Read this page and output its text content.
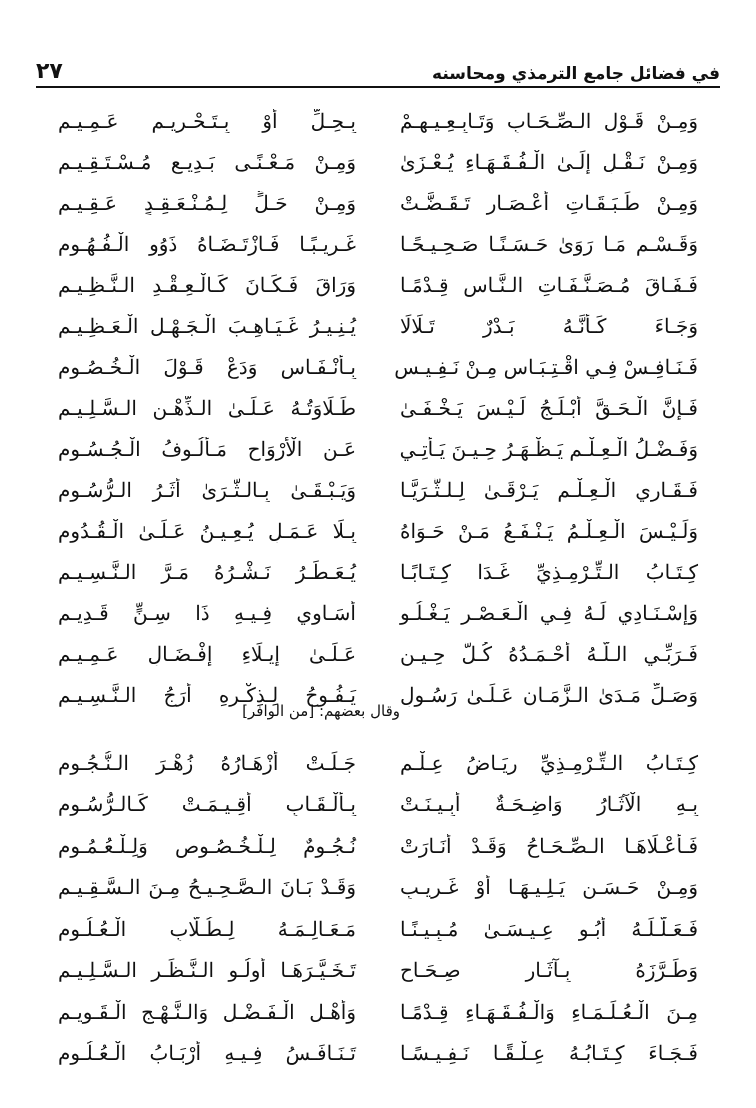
في فضائل جامع الترمذي ومحاسنه
٢٧
وَمِـنْ قَـوْلِ الـصِّـحَـابِ وَتَـابِـعِـيـهِـمْ
بِـحِـلِّ أَوْ بِـتَـحْـرِيـمٍ عَـمِـيـمِ
وَمِـنْ نَـقْـلٍ إِلَـىٰ الْـفُـقَـهَـاءِ يُـعْـزَىٰ
وَمِـنْ مَـعْـنًـى بَـدِيـعٍ مُـسْـتَـقِـيـمِ
وَمِـنْ طَـبَـقَـاتِ أَعْـصَـارٍ تَـقَـضَّـتْ
وَمِـنْ حَـلٍّ لِـمُـنْـعَـقِـدٍ عَـقِـيـمِ
وَقَـسْـمٍ مَـا رَوَىٰ حَـسَـنًـا صَـحِـيـحًـا
غَـرِيـبًـا فَـازْتَـضَـاهُ ذَوُو الْـفُـهُـومِ
فَـفَـاقَ مُـصَـنَّـفَـاتِ الـنَّـاسِ قِـدْمًـا
وَرَاقَ فَـكَـانَ كَـالْـعِـقْـدِ الـنَّـظِـيـمِ
وَجَـاءَ كَـأَنَّـهُ بَـدْرٌ تَـلَالَا
يُـنِـيـرُ غَـيَـاهِـبَ الْـجَـهْـلِ الْـعَـظِـيـمِ
فَـنَـافِـسْ فِـي اقْـتِـبَـاسٍ مِـنْ نَـفِـيـسٍ
بِـأَنْـفَـاسٍ وَدَعْ قَـوْلَ الْـخُـصُـومِ
فَـإِنَّ الْـحَـقَّ أَبْـلَـجُ لَـيْـسَ يَـخْـفَـىٰ
طَـلَاوَتُـهُ عَـلَـىٰ الـذِّهْـنِ الـسَّـلِـيـمِ
وَفَـضْـلُ الْـعِـلْـمِ يَـظْـهَـرُ حِـيـنَ يَـأْتِـي
عَـنِ الْأَرْوَاحِ مَـأْلُـوفُ الْـجُـسُـومِ
فَـقَـارِي الْـعِـلْـمِ يَـرْقَـىٰ لِـلـثُّـرَيَّـا
وَيَـبْـقَـىٰ بِـالـثَّـرَىٰ أَثَـرُ الـرُّسُـومِ
وَلَـيْـسَ الْـعِـلْـمُ يَـنْـفَـعُ مَـنْ حَـوَاهُ
بِـلَا عَـمَـلٍ يُـعِـيـنُ عَـلَـىٰ الْـقُـدُومِ
كِـتَـابُ الـتِّـرْمِـذِيِّ غَـدَا كِـتَـابًـا
يُـعَـطِّـرُ نَـشْـرُهُ مَـرَّ الـنَّـسِـيـمِ
وَإِسْـنَـادِي لَـهُ فِـي الْـعَـصْـرِ يَـغْـلُـو
أُسَـاوِي فِـيـهِ ذَا سِـنٍّ قَـدِيـمِ
فَـرَبِّـي الـلَّـهُ أَحْـمَـدُهُ كُـلَّ حِـيـنٍ
عَـلَـىٰ إِيـلَاءِ إِفْـضَـالٍ عَـمِـيـمِ
وَصَـلِّ مَـدَىٰ الـزَّمَـانِ عَـلَـىٰ رَسُـولٍ
يَـفُـوحُ لِـذِكْـرِهِ أَرَجُ الـنَّـسِـيـمِ
وقال بعضهم: [من الوافر]
كِـتَـابُ الـتِّـرْمِـذِيِّ رِيَـاضُ عِـلْـمٍ
جَـلَـتْ أَزْهَـارُهُ زُهْـرَ الـنُّـجُـومِ
بِـهِ الْآثَـارُ وَاضِـحَـةٌ أَبِـيـنَـتْ
بِـأَلْـقَـابٍ أُقِـيـمَـتْ كَـالـرُّسُـومِ
فَـأَعْـلَاهَـا الـصِّـحَـاحُ وَقَـدْ أَنَـارَتْ
نُـجُـومٌ لِـلْـخُـصُـوصِ وَلِـلْـعُـمُـومِ
وَمِـنْ حَـسَـنٍ يَـلِـيـهَـا أَوْ غَـرِيـبٍ
وَقَـدْ بَـانَ الـصَّـحِـيـحُ مِـنَ الـسَّـقِـيـمِ
فَـعَـلَّـلَـهُ أَبُـو عِـيـسَـىٰ مُـبِـيـنًـا
مَـعَـالِـمَـهُ لِـطُـلَّابِ الْـعُـلُـومِ
وَطَـرَّزَهُ بِـآثَـارٍ صِـحَـاحٍ
تَـخَـيَّـرَهَـا أُولُـو الـنَّـظَـرِ الـسَّـلِـيـمِ
مِـنَ الْـعُـلَـمَـاءِ وَالْـفُـقَـهَـاءِ قِـدْمًـا
وَأَهْـلِ الْـفَـضْـلِ وَالـنَّـهْـجِ الْـقَـوِيـمِ
فَـجَـاءَ كِـتَـابُـهُ عِـلْـقًـا نَـفِـيـسًـا
تَـنَـافَـسُ فِـيـهِ أَرْبَـابُ الْـعُـلُـومِ
